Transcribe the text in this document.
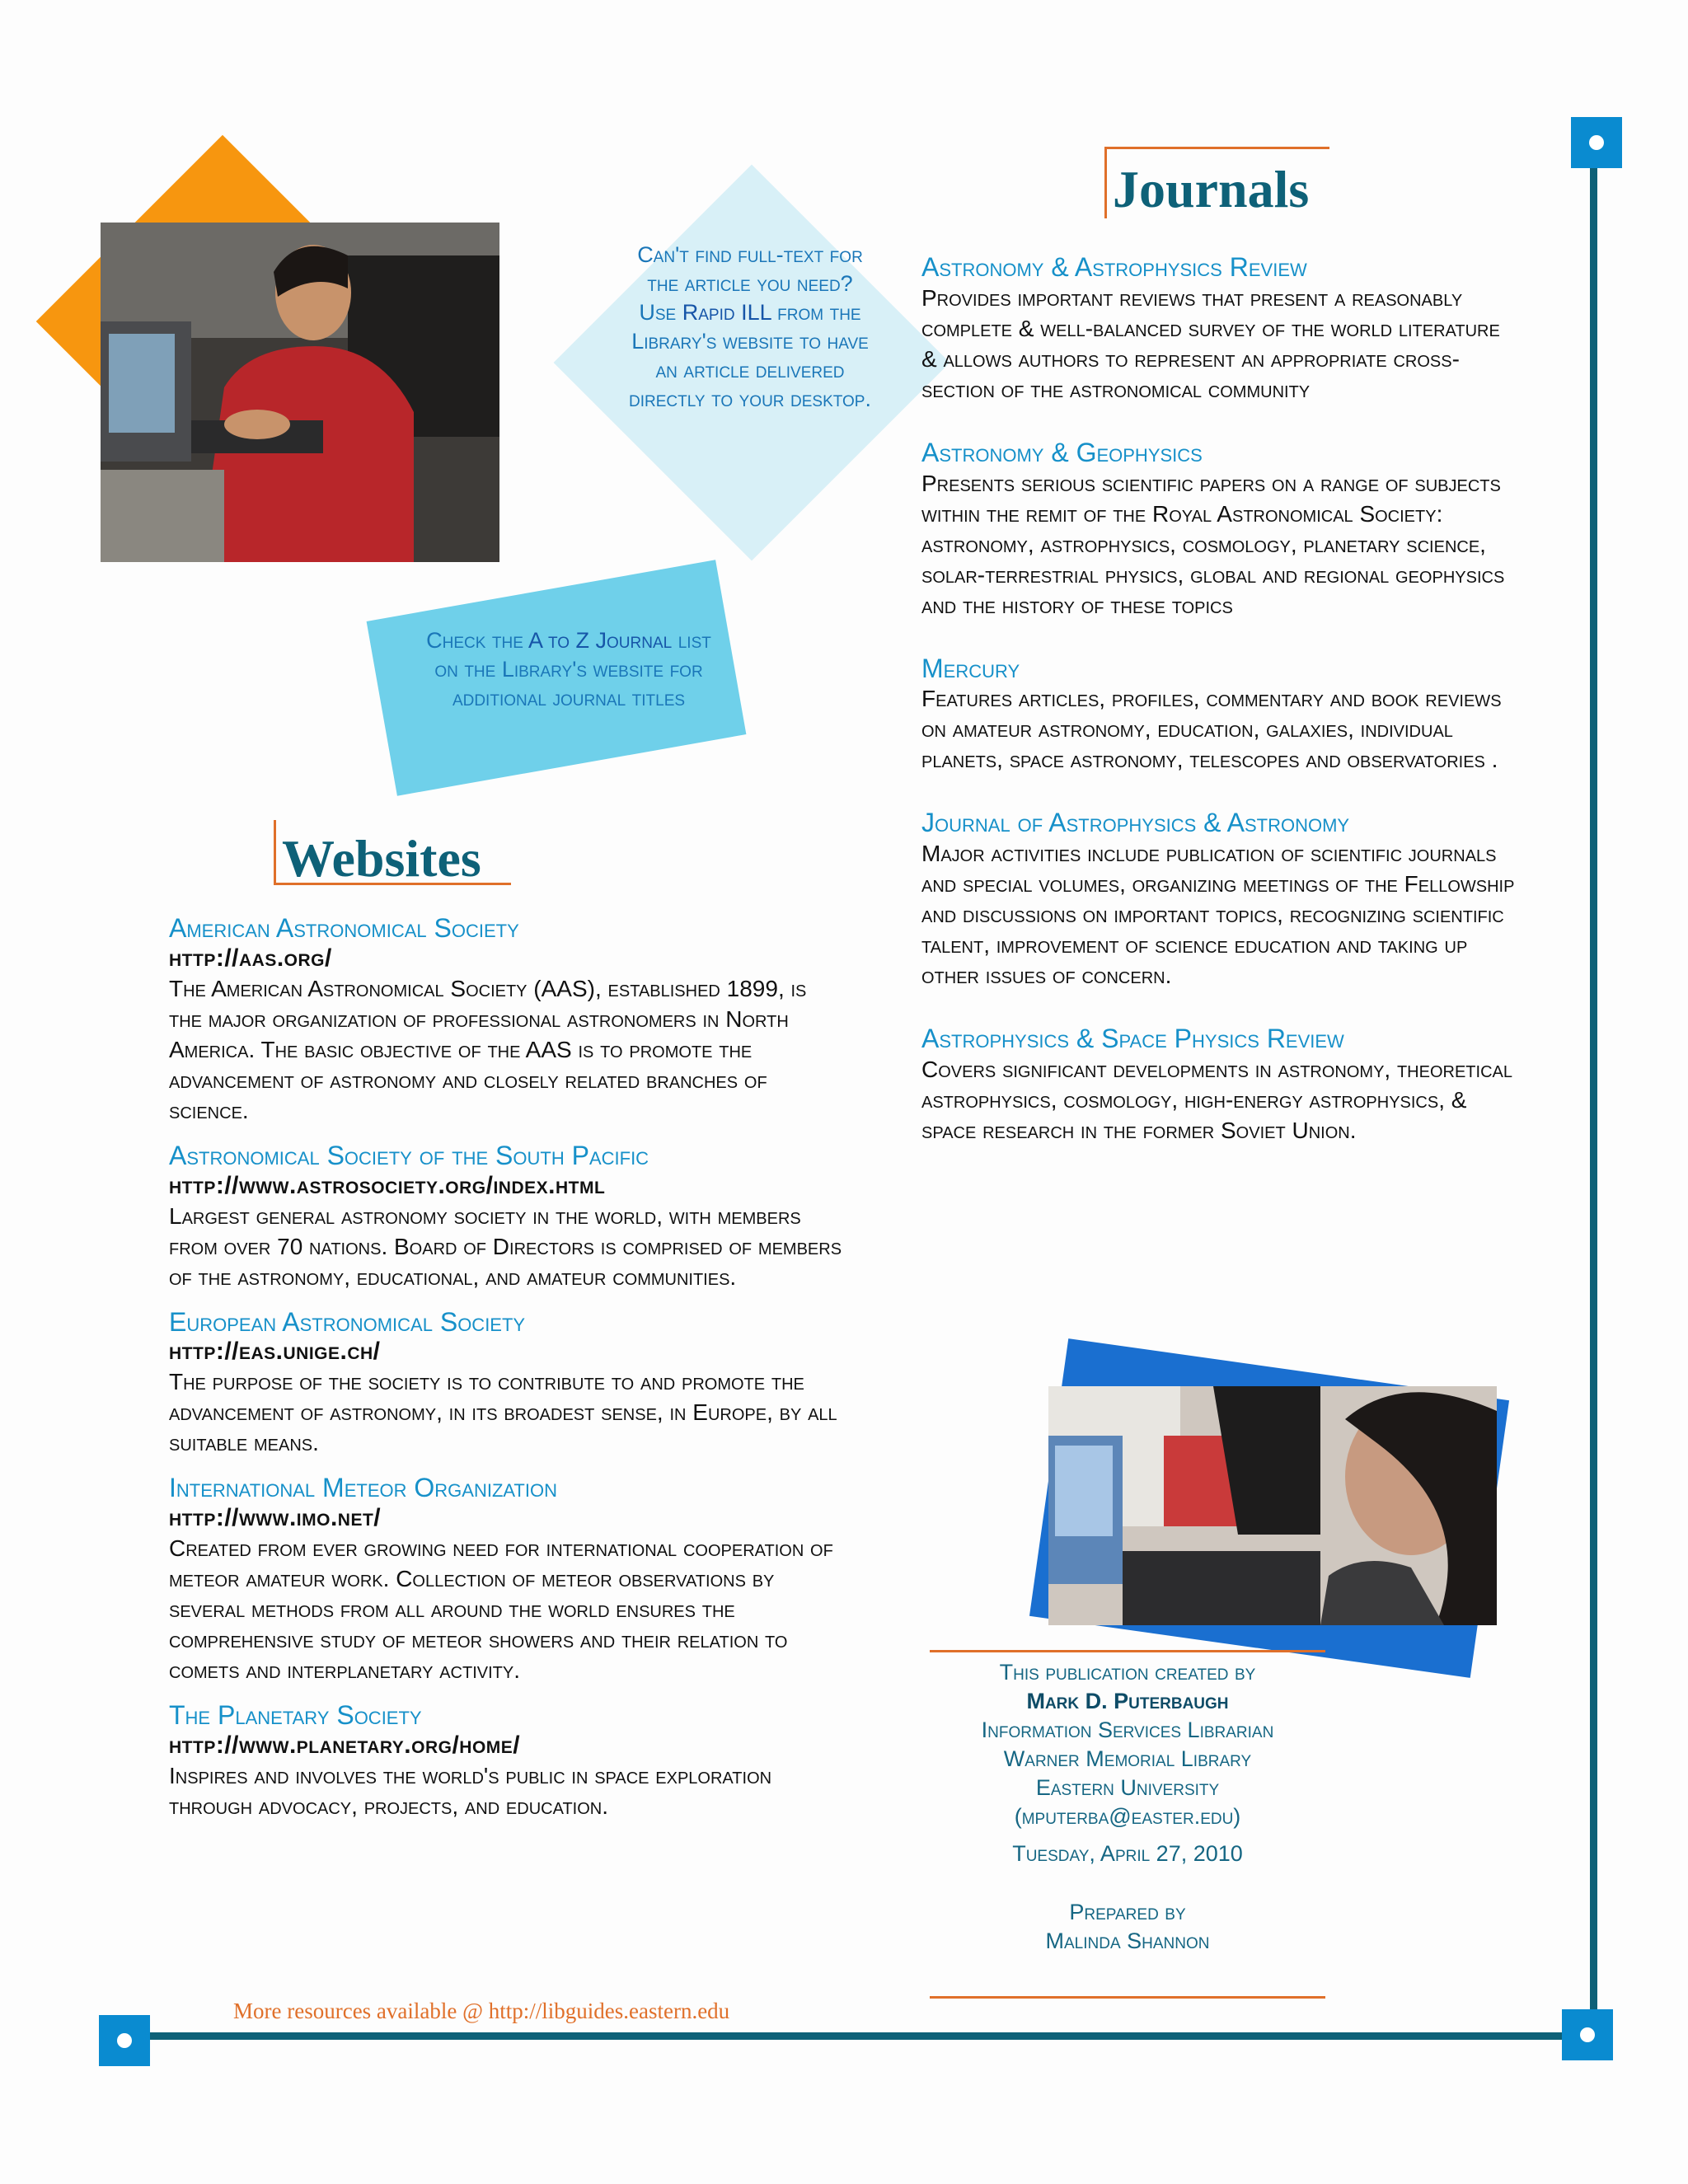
Can't find full-text for the article you need? Use Rapid ILL from the Library's website to have an article delivered directly to your desktop.
Check the A to Z Journal list on the Library's website for additional journal titles
Journals
Astronomy & Astrophysics Review
Provides important reviews that present a reasonably complete & well-balanced survey of the world literature & allows authors to represent an appropriate cross-section of the astronomical community
Astronomy & Geophysics
Presents serious scientific papers on a range of subjects within the remit of the Royal Astronomical Society: astronomy, astrophysics, cosmology, planetary science, solar-terrestrial physics, global and regional geophysics and the history of these topics
Mercury
Features articles, profiles, commentary and book reviews on amateur astronomy, education, galaxies, individual planets, space astronomy, telescopes and observatories .
Journal of Astrophysics & Astronomy
Major activities include publication of scientific journals and special volumes, organizing meetings of the Fellowship and discussions on important topics, recognizing scientific talent, improvement of science education and taking up other issues of concern.
Astrophysics & Space Physics Review
Covers significant developments in astronomy, theoretical astrophysics, cosmology, high-energy astrophysics, & space research in the former Soviet Union.
Websites
American Astronomical Society
http://aas.org/
The American Astronomical Society (AAS), established 1899, is the major organization of professional astronomers in North America. The basic objective of the AAS is to promote the advancement of astronomy and closely related branches of science.
Astronomical Society of the South Pacific
http://www.astrosociety.org/index.html
Largest general astronomy society in the world, with members from over 70 nations. Board of Directors is comprised of members of the astronomy, educational, and amateur communities.
European Astronomical Society
http://eas.unige.ch/
The purpose of the society is to contribute to and promote the advancement of astronomy, in its broadest sense, in Europe, by all suitable means.
International Meteor Organization
http://www.imo.net/
Created from ever growing need for international cooperation of meteor amateur work. Collection of meteor observations by several methods from all around the world ensures the comprehensive study of meteor showers and their relation to comets and interplanetary activity.
The Planetary Society
http://www.planetary.org/home/
Inspires and involves the world's public in space exploration through advocacy, projects, and education.
This publication created by
Mark D. Puterbaugh
Information Services Librarian
Warner Memorial Library
Eastern University
(mputerba@easter.edu)
Tuesday, April 27, 2010
Prepared by
Malinda Shannon
More resources available @ http://libguides.eastern.edu
